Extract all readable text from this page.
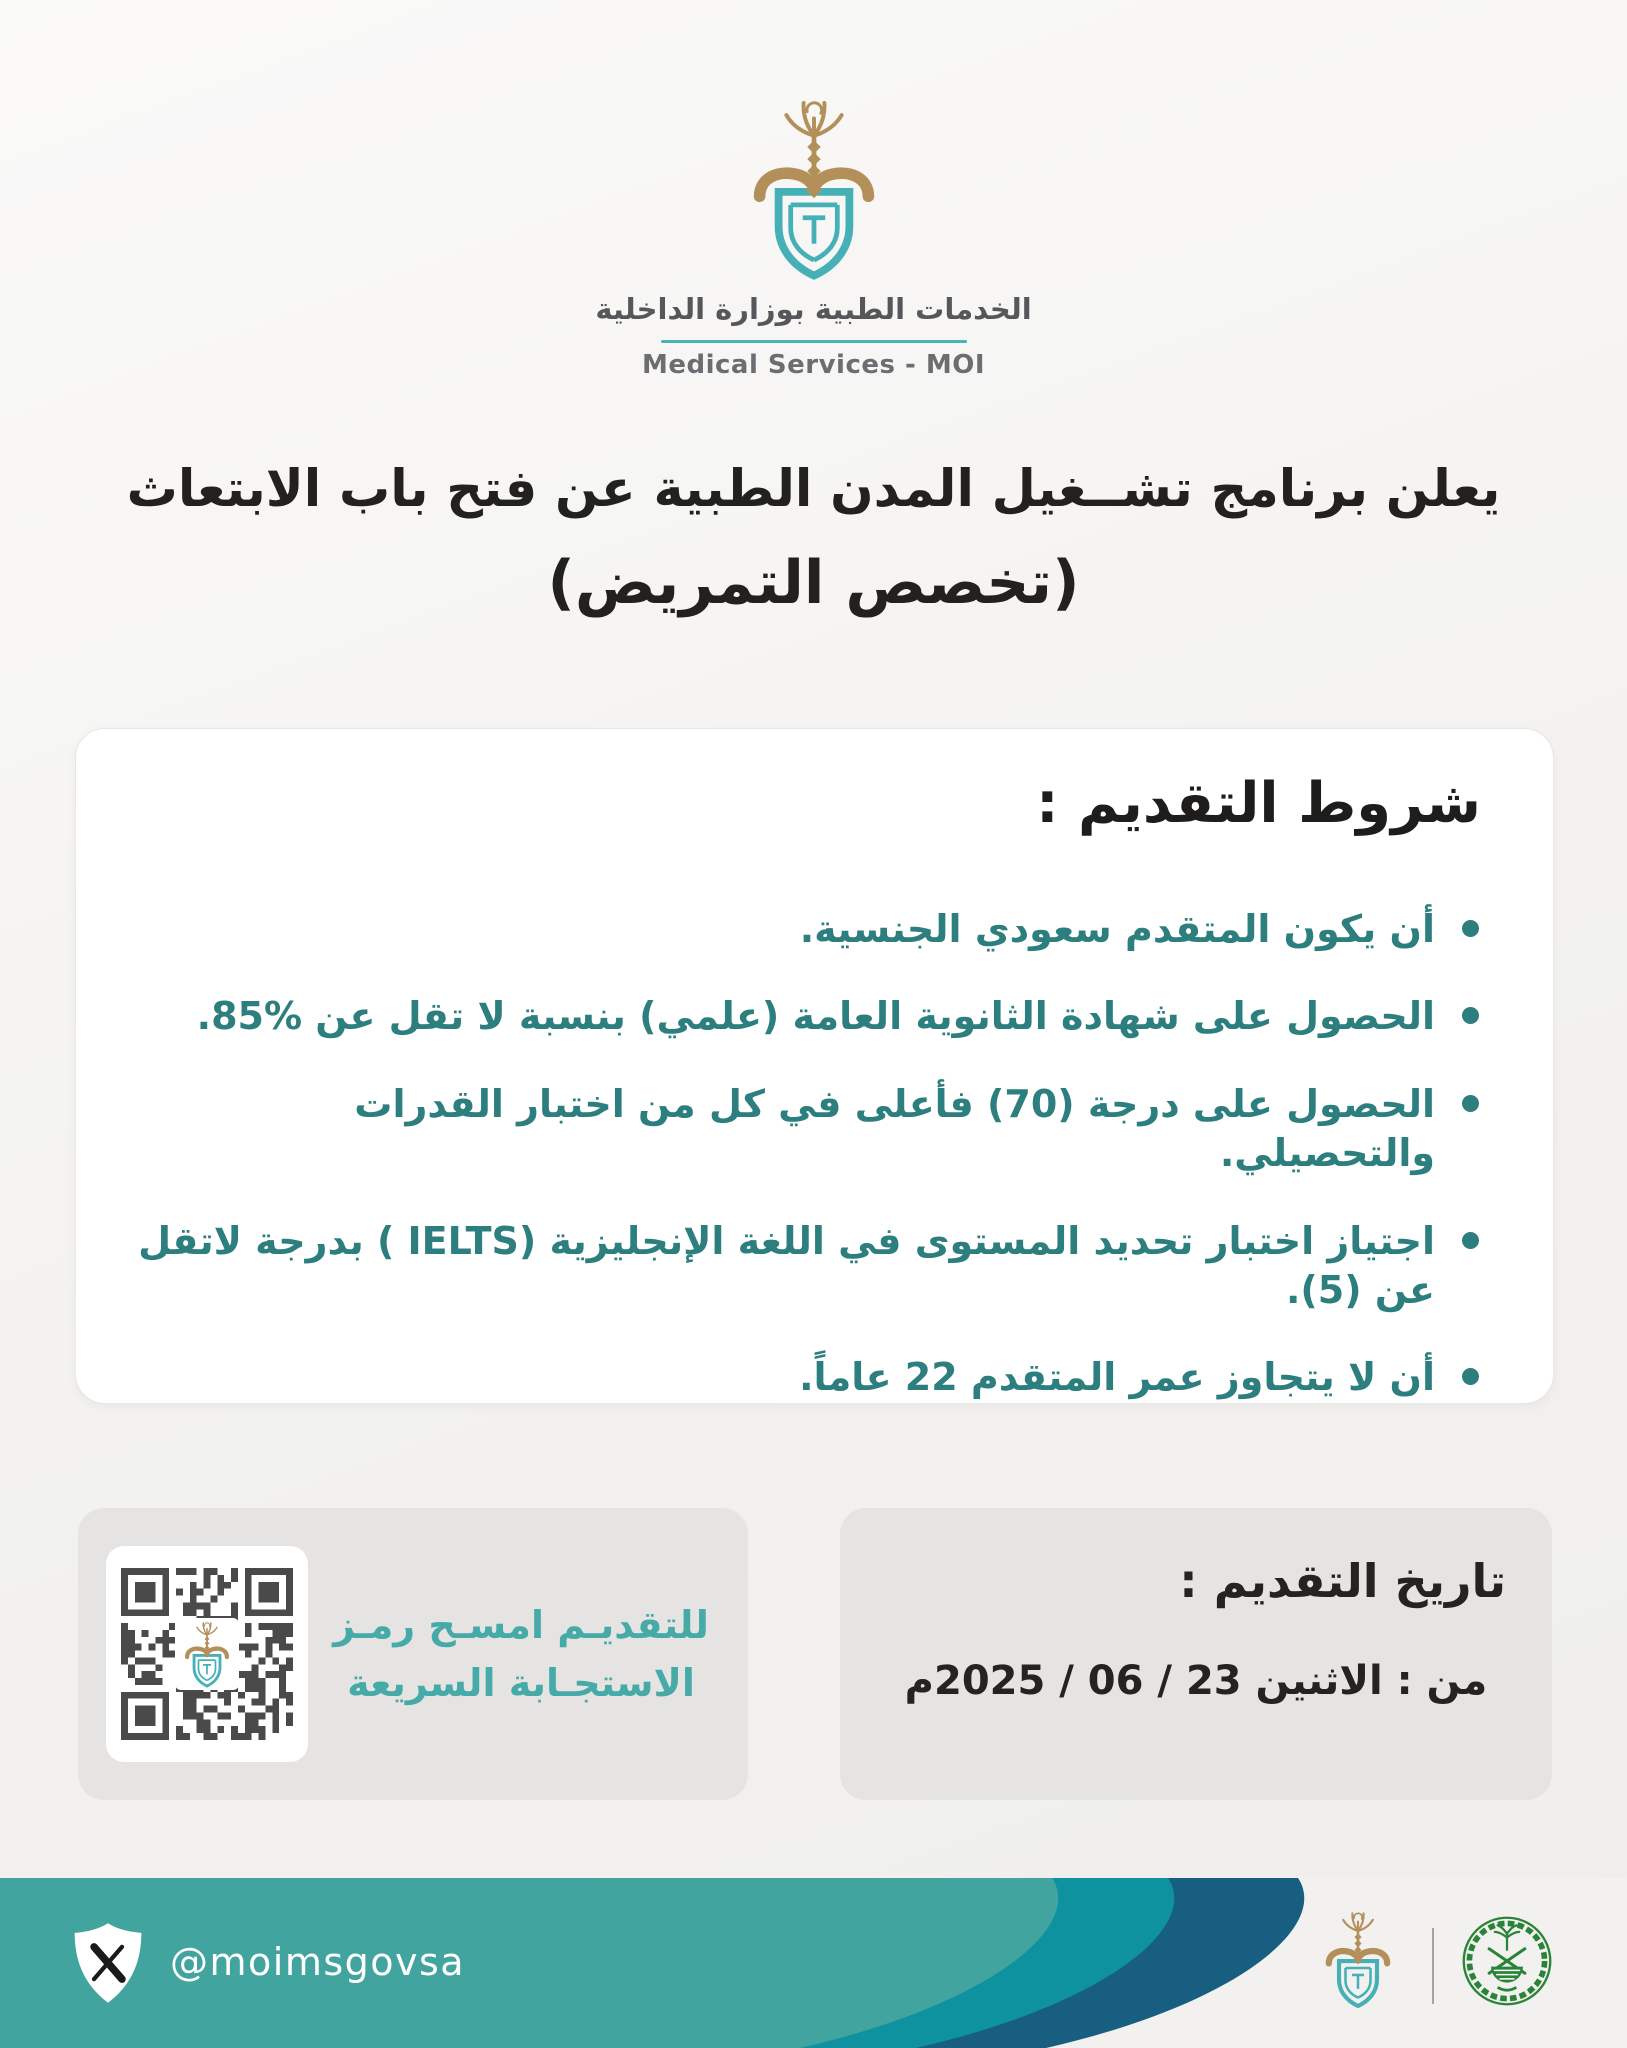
الخدمات الطبية بوزارة الداخلية
Medical Services - MOI
يعلن برنامج تشــغيل المدن الطبية عن فتح باب الابتعاث
(تخصص التمريض)
شروط التقديم :
أن يكون المتقدم سعودي الجنسية.
الحصول على شهادة الثانوية العامة (علمي) بنسبة لا تقل عن %85.
الحصول على درجة (70) فأعلى في كل من اختبار القدرات والتحصيلي.
اجتياز اختبار تحديد المستوى في اللغة الإنجليزية (IELTS ) بدرجة لاتقل عن (5).
أن لا يتجاوز عمر المتقدم 22 عاماً.
للتقديـم امسـح رمـز
الاستجـابة السريعة
تاريخ التقديم :
من : الاثنين 23 / 06 / 2025م
@moimsgovsa
